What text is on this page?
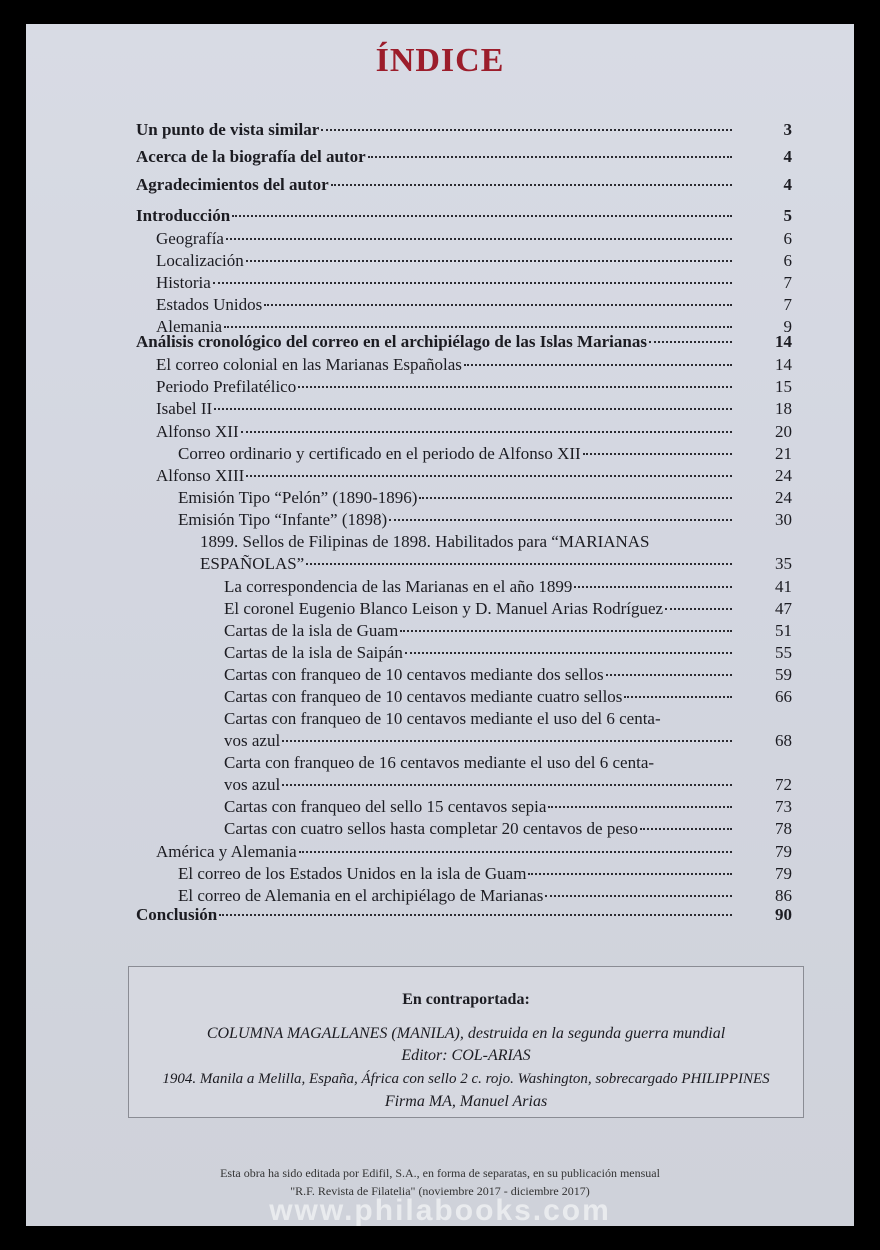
ÍNDICE
Un punto de vista similar	3
Acerca de la biografía del autor	4
Agradecimientos del autor	4
Introducción	5
Geografía	6
Localización	6
Historia	7
Estados Unidos	7
Alemania	9
Análisis cronológico del correo en el archipiélago de las Islas Marianas	14
El correo colonial en las Marianas Españolas	14
Periodo Prefilatélico	15
Isabel II	18
Alfonso XII	20
Correo ordinario y certificado en el periodo de Alfonso XII	21
Alfonso XIII	24
Emisión Tipo “Pelón” (1890-1896)	24
Emisión Tipo “Infante” (1898)	30
1899. Sellos de Filipinas de 1898. Habilitados para “MARIANAS
ESPAÑOLAS”	35
La correspondencia de las Marianas en el año 1899	41
El coronel Eugenio Blanco Leison y D. Manuel Arias Rodríguez	47
Cartas de la isla de Guam	51
Cartas de la isla de Saipán	55
Cartas con franqueo de 10 centavos mediante dos sellos	59
Cartas con franqueo de 10 centavos mediante cuatro sellos	66
Cartas con franqueo de 10 centavos mediante el uso del 6 centa-
vos azul	68
Carta con franqueo de 16 centavos mediante el uso del 6 centa-
vos azul	72
Cartas con franqueo del sello 15 centavos sepia	73
Cartas con cuatro sellos hasta completar 20 centavos de peso	78
América y Alemania	79
El correo de los Estados Unidos en la isla de Guam	79
El correo de Alemania en el archipiélago de Marianas	86
Conclusión	90
En contraportada:
COLUMNA MAGALLANES (MANILA), destruida en la segunda guerra mundial
Editor: COL-ARIAS
1904. Manila a Melilla, España, África con sello 2 c. rojo. Washington, sobrecargado PHILIPPINES
Firma MA, Manuel Arias
Esta obra ha sido editada por Edifil, S.A., en forma de separatas, en su publicación mensual
"R.F. Revista de Filatelia" (noviembre 2017 - diciembre 2017)
www.philabooks.com
